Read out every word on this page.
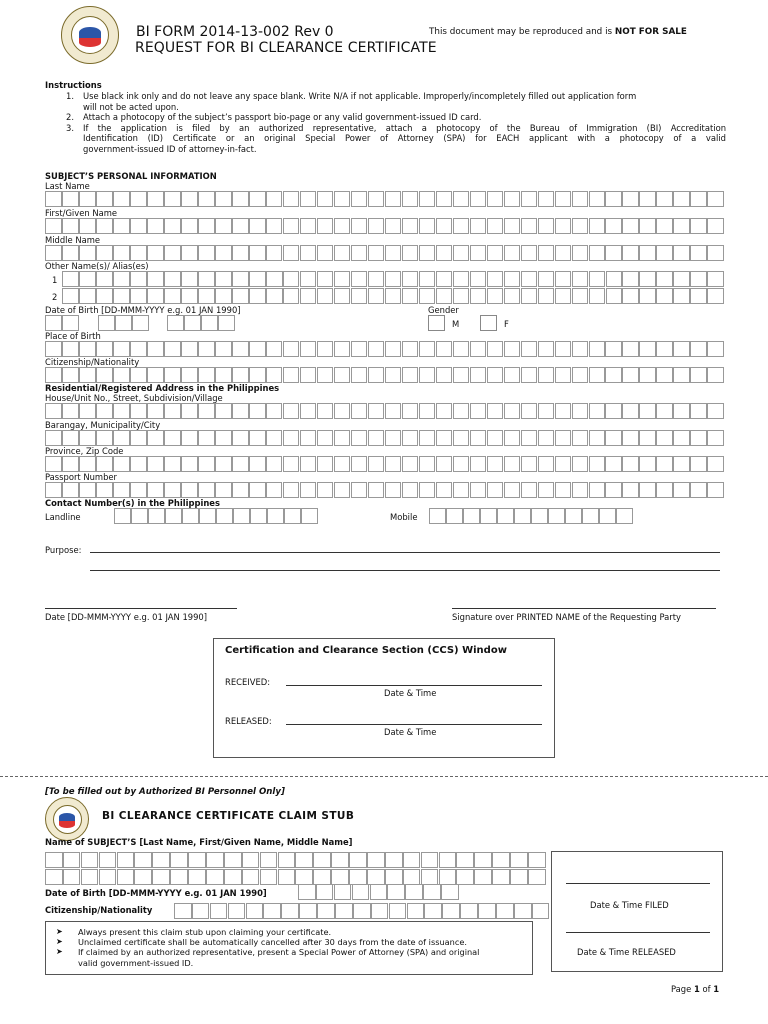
BI FORM 2014-13-002 Rev 0
REQUEST FOR BI CLEARANCE CERTIFICATE
This document may be reproduced and is NOT FOR SALE
Instructions
1.	Use black ink only and do not leave any space blank. Write N/A if not applicable. Improperly/incompletely filled out application form
will not be acted upon.
2.	Attach a photocopy of the subject’s passport bio-page or any valid government-issued ID card.
3.	If the application is filed by an authorized representative, attach a photocopy of the Bureau of Immigration (BI) Accreditation
Identification (ID) Certificate or an original Special Power of Attorney (SPA) for EACH applicant with a photocopy of a valid
government-issued ID of attorney-in-fact.
SUBJECT’S PERSONAL INFORMATION
Last Name
First/Given Name
Middle Name
Other Name(s)/ Alias(es)
1
2
Date of Birth [DD-MMM-YYYY e.g. 01 JAN 1990]	Gender
M	F
Place of Birth
Citizenship/Nationality
Residential/Registered Address in the Philippines
House/Unit No., Street, Subdivision/Village
Barangay, Municipality/City
Province, Zip Code
Passport Number
Contact Number(s) in the Philippines
Landline	Mobile
Purpose:
Date [DD-MMM-YYYY e.g. 01 JAN 1990]	Signature over PRINTED NAME of the Requesting Party
Certification and Clearance Section (CCS) Window
RECEIVED:
Date & Time
RELEASED:
Date & Time
[To be filled out by Authorized BI Personnel Only]
BI CLEARANCE CERTIFICATE CLAIM STUB
Name of SUBJECT’S [Last Name, First/Given Name, Middle Name]
Date of Birth [DD-MMM-YYYY e.g. 01 JAN 1990]
Citizenship/Nationality
➤	Always present this claim stub upon claiming your certificate.
➤	Unclaimed certificate shall be automatically cancelled after 30 days from the date of issuance.
➤	If claimed by an authorized representative, present a Special Power of Attorney (SPA) and original
valid government-issued ID.
Date & Time FILED
Date & Time RELEASED
Page 1 of 1
